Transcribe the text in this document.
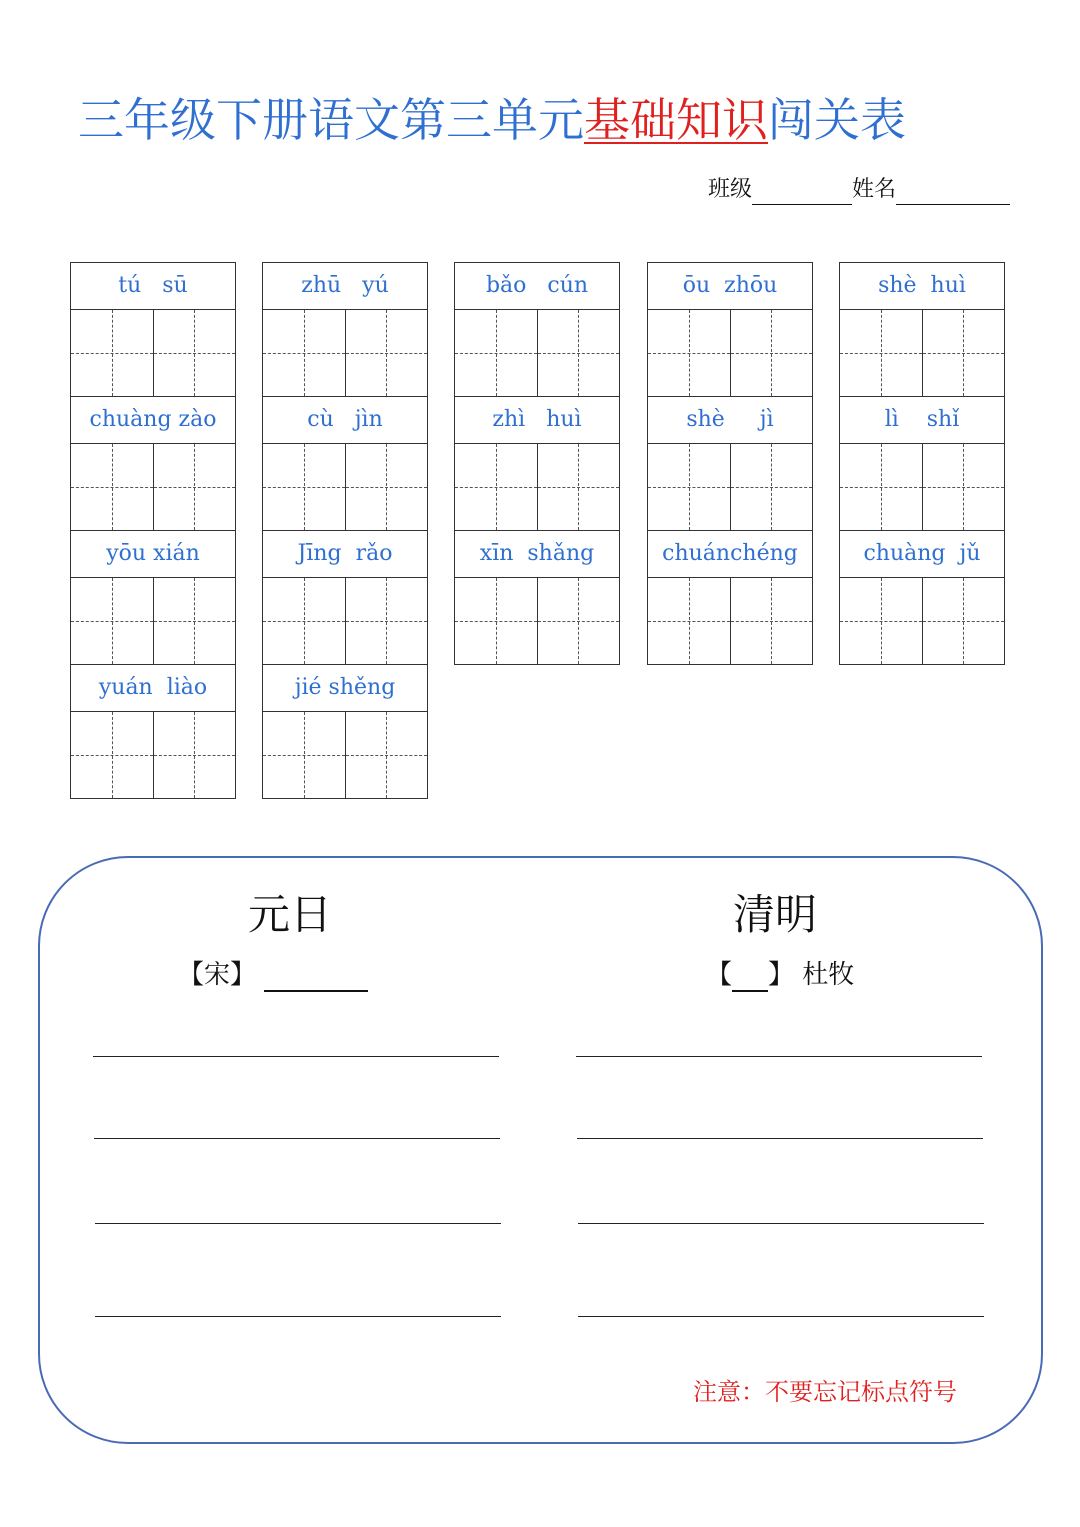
三年级下册语文第三单元基础知识闯关表
班级	姓名
tú   sū	zhū   yú	bǎo   cún	ōu  zhōu	shè  huì
chuàng zào	cù   jìn	zhì   huì	shè     jì	lì    shǐ
yōu xián	Jīng  rǎo	xīn  shǎng	chuánchéng	chuàng  jǔ
yuán  liào	jié shěng
元日
【宋】
清明
【 】 杜牧
注意：不要忘记标点符号
